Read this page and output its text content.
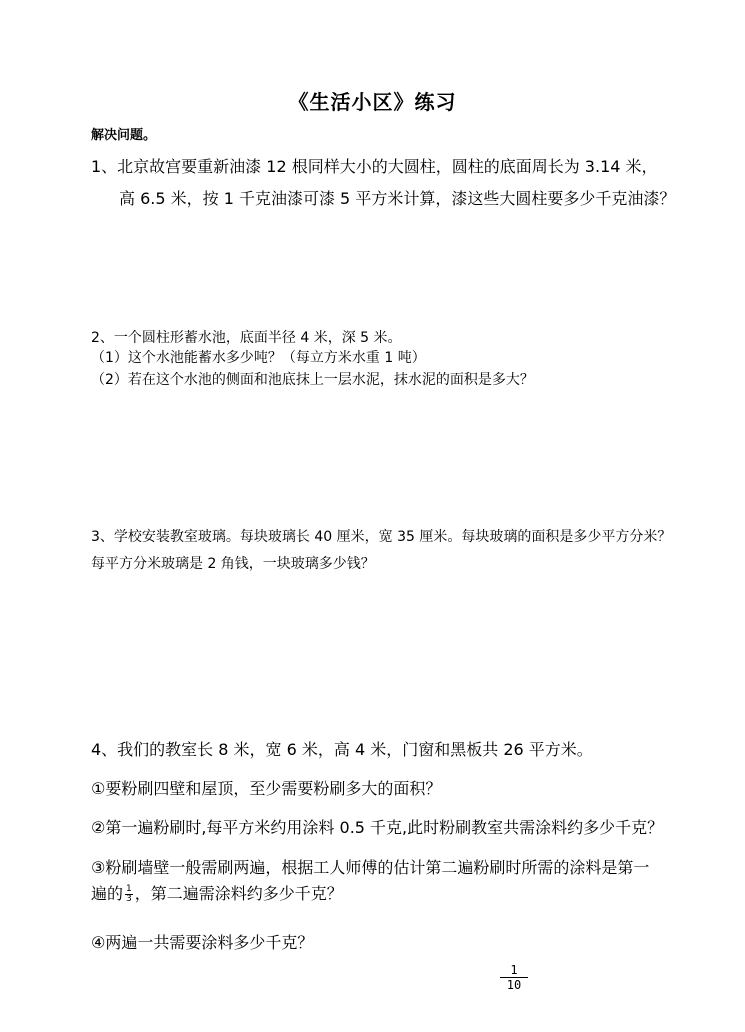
《生活小区》练习
解决问题。
1、北京故宫要重新油漆 12 根同样大小的大圆柱，圆柱的底面周长为 3.14 米，
高 6.5 米，按 1 千克油漆可漆 5 平方米计算，漆这些大圆柱要多少千克油漆？
2、一个圆柱形蓄水池，底面半径 4 米，深 5 米。
（1）这个水池能蓄水多少吨？（每立方米水重 1 吨）
（2）若在这个水池的侧面和池底抹上一层水泥，抹水泥的面积是多大？
3、学校安装教室玻璃。每块玻璃长 40 厘米，宽 35 厘米。每块玻璃的面积是多少平方分米？
每平方分米玻璃是 2 角钱，一块玻璃多少钱？
4、我们的教室长 8 米，宽 6 米，高 4 米，门窗和黑板共 26 平方米。
①要粉刷四壁和屋顶，至少需要粉刷多大的面积？
②第一遍粉刷时,每平方米约用涂料 0.5 千克,此时粉刷教室共需涂料约多少千克？
③粉刷墙壁一般需刷两遍，根据工人师傅的估计第二遍粉刷时所需的涂料是第一
遍的 $\frac{1}{3}$ ，第二遍需涂料约多少千克？
④两遍一共需要涂料多少千克？
1
10
